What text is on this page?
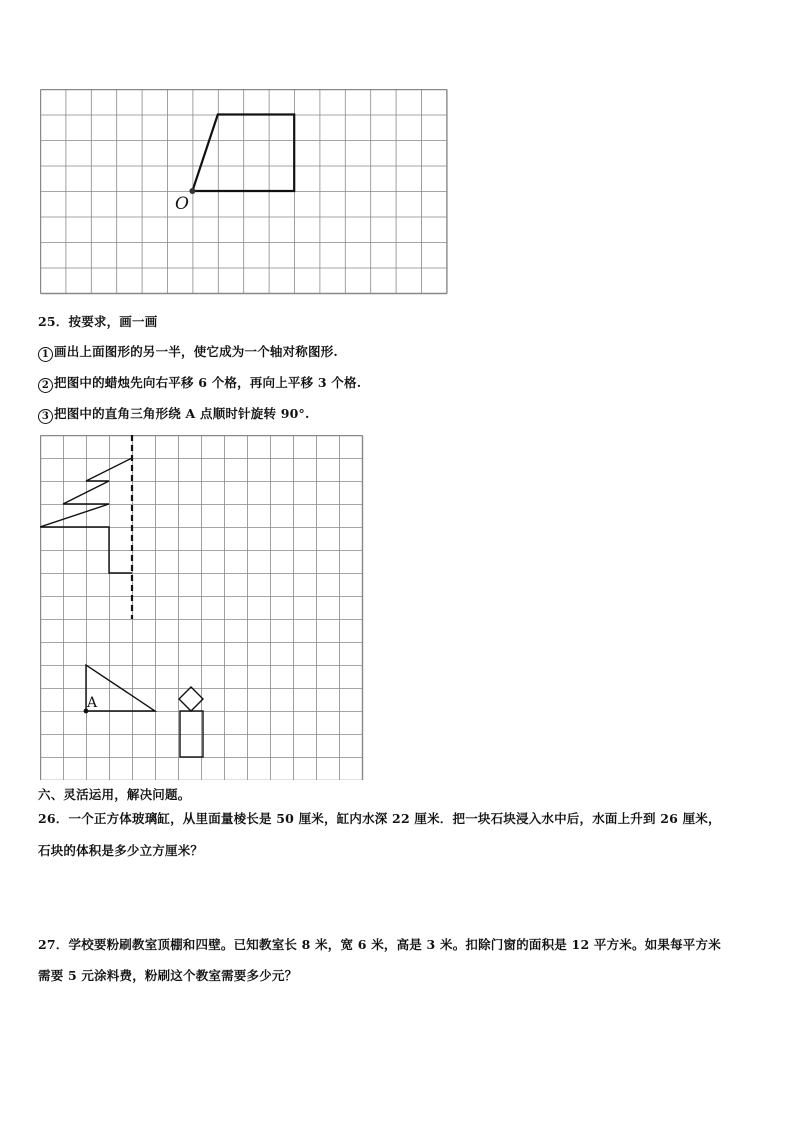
O
25．按要求，画一画
1 画出上面图形的另一半，使它成为一个轴对称图形.
2 把图中的蜡烛先向右平移 6 个格，再向上平移 3 个格.
3 把图中的直角三角形绕 A 点顺时针旋转 90°.
A
六、灵活运用，解决问题。
26．一个正方体玻璃缸，从里面量棱长是 50 厘米，缸内水深 22 厘米．把一块石块浸入水中后，水面上升到 26 厘米，
石块的体积是多少立方厘米？
27．学校要粉刷教室顶棚和四壁。已知教室长 8 米，宽 6 米，高是 3 米。扣除门窗的面积是 12 平方米。如果每平方米
需要 5 元涂料费，粉刷这个教室需要多少元？
